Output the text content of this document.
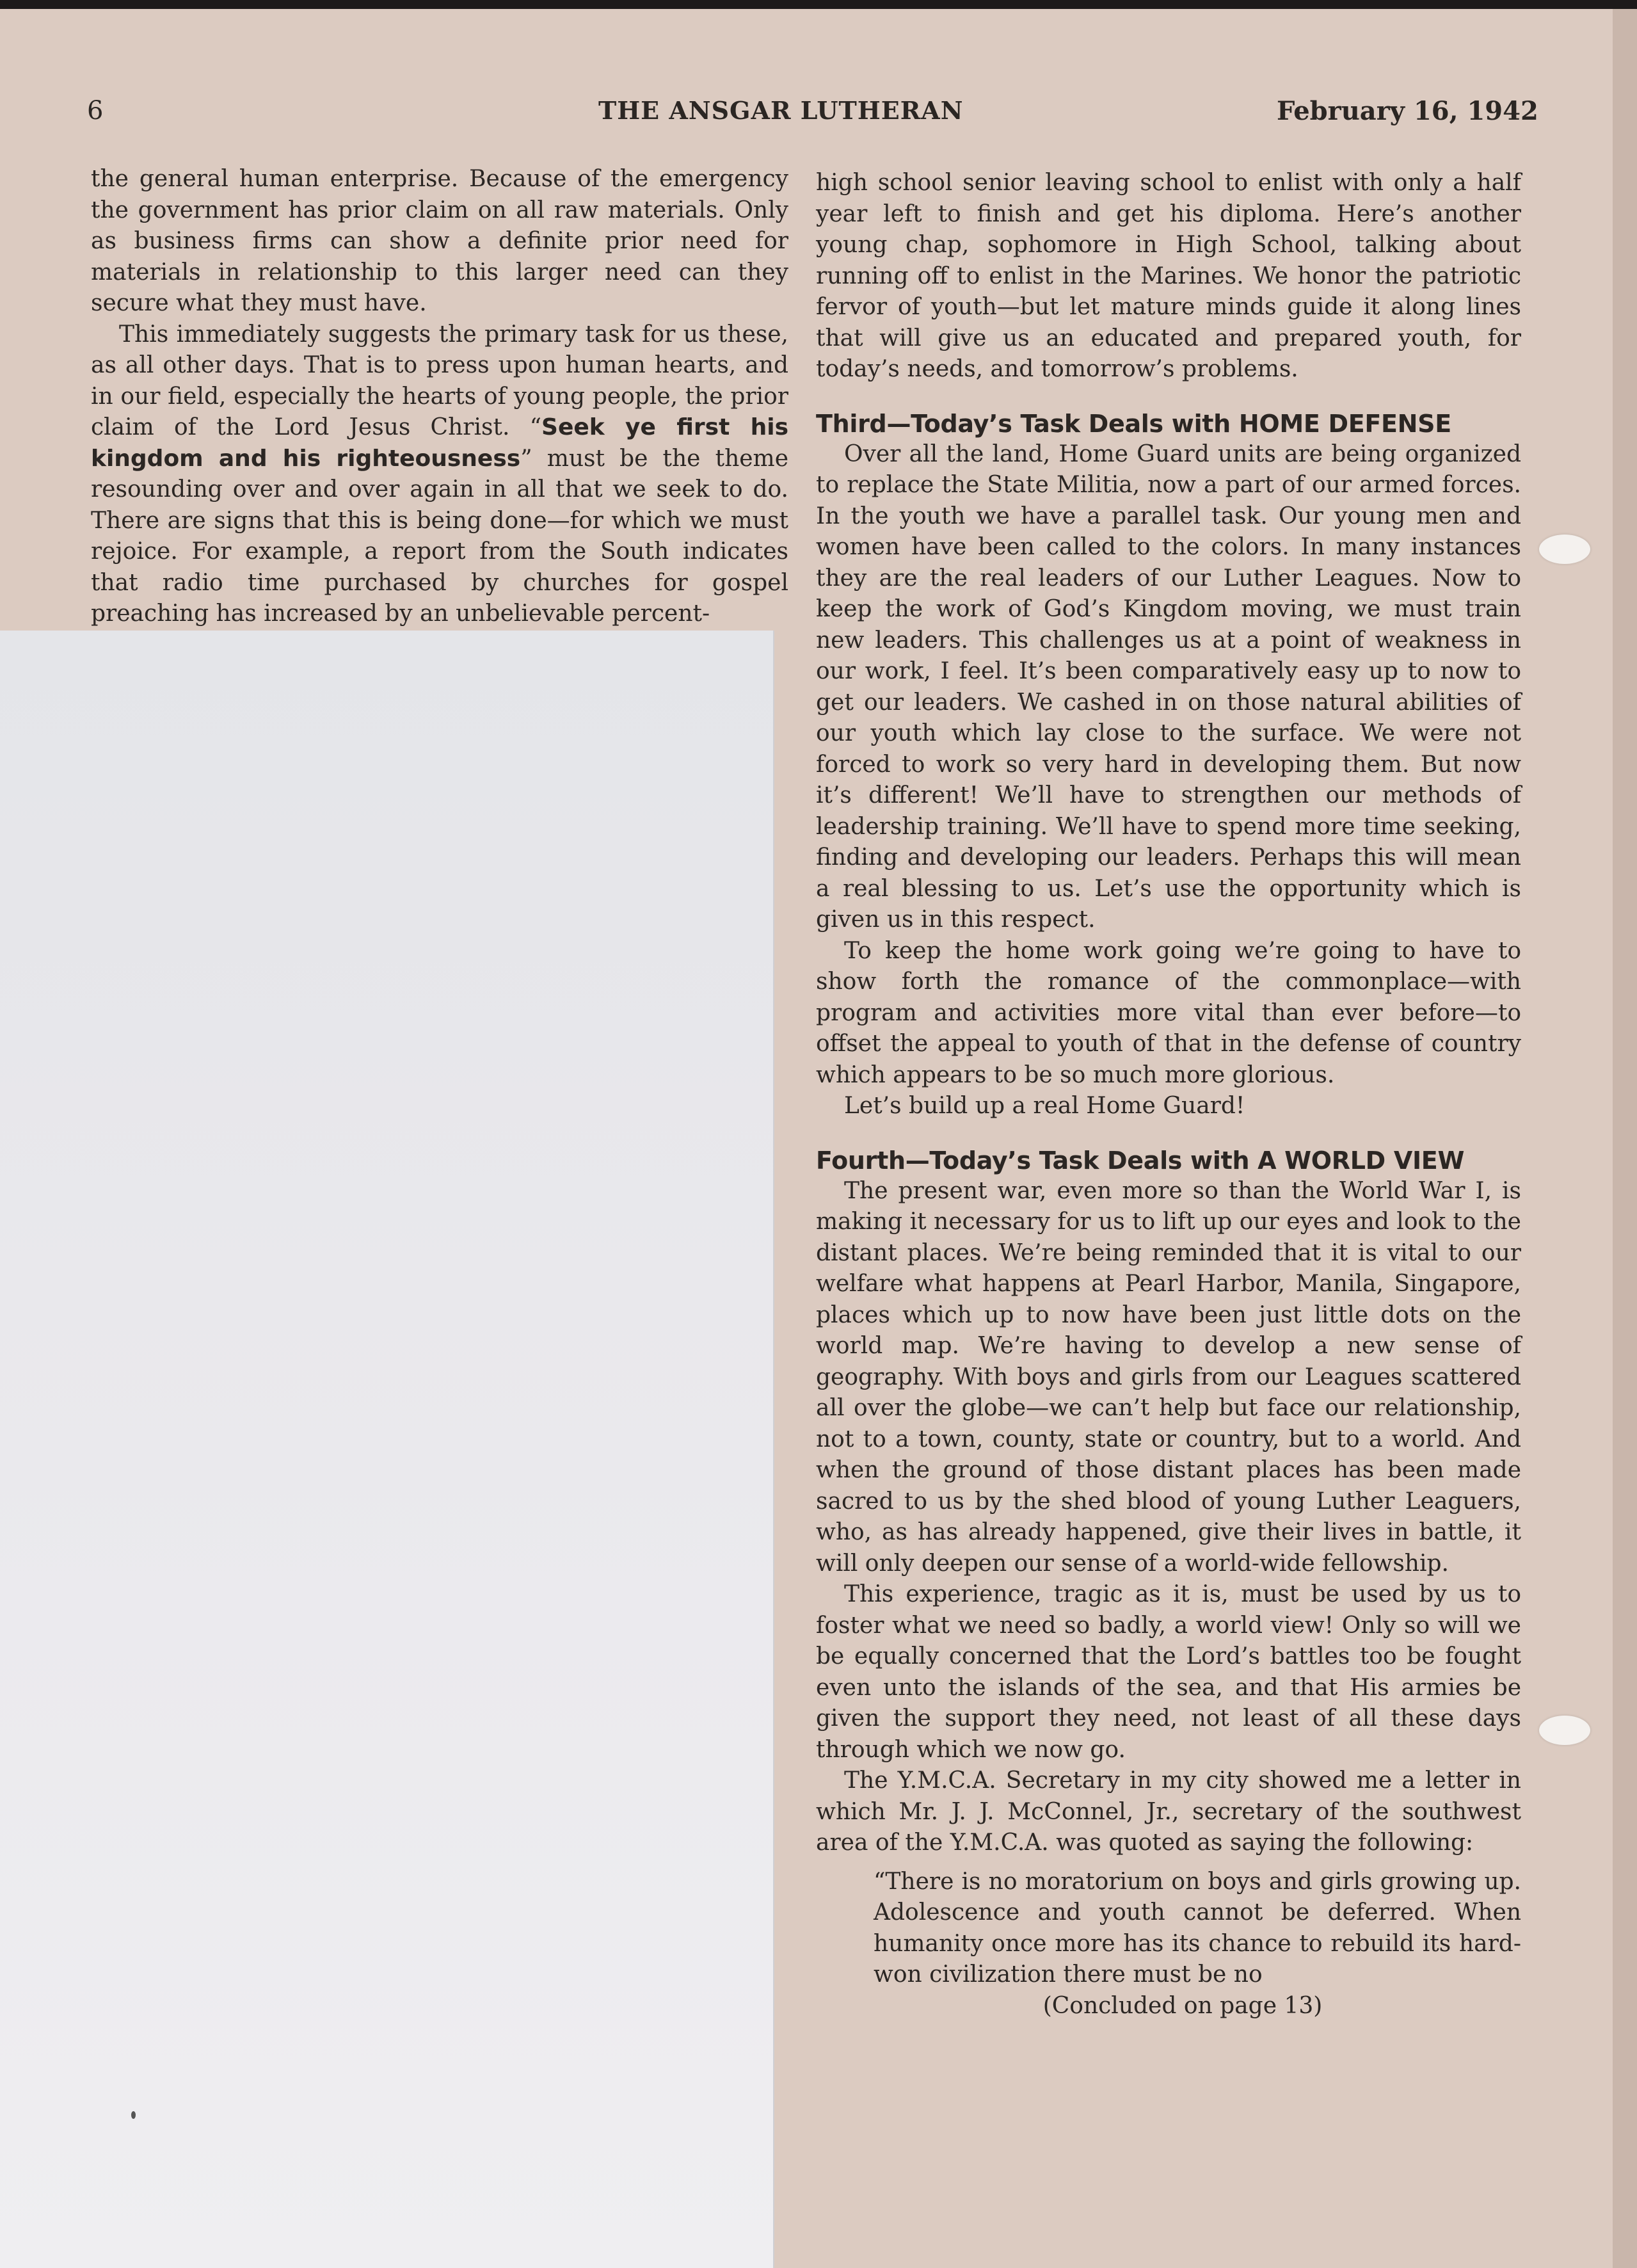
6	THE ANSGAR LUTHERAN	February 16, 1942

the general human enterprise. Because of the emergency the government has prior claim on all raw materials. Only as business firms can show a definite prior need for materials in relationship to this larger need can they secure what they must have.

This immediately suggests the primary task for us these, as all other days. That is to press upon human hearts, and in our field, especially the hearts of young people, the prior claim of the Lord Jesus Christ. “Seek ye first his kingdom and his righteousness” must be the theme resounding over and over again in all that we seek to do. There are signs that this is being done—for which we must rejoice. For example, a report from the South indicates that radio time purchased by churches for gospel preaching has increased by an unbelievable percent-

high school senior leaving school to enlist with only a half year left to finish and get his diploma. Here’s another young chap, sophomore in High School, talking about running off to enlist in the Marines. We honor the patriotic fervor of youth—but let mature minds guide it along lines that will give us an educated and prepared youth, for today’s needs, and tomorrow’s problems.

Third—Today’s Task Deals with HOME DEFENSE

Over all the land, Home Guard units are being organized to replace the State Militia, now a part of our armed forces. In the youth we have a parallel task. Our young men and women have been called to the colors. In many instances they are the real leaders of our Luther Leagues. Now to keep the work of God’s Kingdom moving, we must train new leaders. This challenges us at a point of weakness in our work, I feel. It’s been comparatively easy up to now to get our leaders. We cashed in on those natural abilities of our youth which lay close to the surface. We were not forced to work so very hard in developing them. But now it’s different! We’ll have to strengthen our methods of leadership training. We’ll have to spend more time seeking, finding and developing our leaders. Perhaps this will mean a real blessing to us. Let’s use the opportunity which is given us in this respect.

To keep the home work going we’re going to have to show forth the romance of the commonplace—with program and activities more vital than ever before—to offset the appeal to youth of that in the defense of country which appears to be so much more glorious.

Let’s build up a real Home Guard!

Fourth—Today’s Task Deals with A WORLD VIEW

The present war, even more so than the World War I, is making it necessary for us to lift up our eyes and look to the distant places. We’re being reminded that it is vital to our welfare what happens at Pearl Harbor, Manila, Singapore, places which up to now have been just little dots on the world map. We’re having to develop a new sense of geography. With boys and girls from our Leagues scattered all over the globe—we can’t help but face our relationship, not to a town, county, state or country, but to a world. And when the ground of those distant places has been made sacred to us by the shed blood of young Luther Leaguers, who, as has already happened, give their lives in battle, it will only deepen our sense of a world-wide fellowship.

This experience, tragic as it is, must be used by us to foster what we need so badly, a world view! Only so will we be equally concerned that the Lord’s battles too be fought even unto the islands of the sea, and that His armies be given the support they need, not least of all these days through which we now go.

The Y.M.C.A. Secretary in my city showed me a letter in which Mr. J. J. McConnel, Jr., secretary of the southwest area of the Y.M.C.A. was quoted as saying the following:

“There is no moratorium on boys and girls growing up. Adolescence and youth cannot be deferred. When humanity once more has its chance to rebuild its hard-won civilization there must be no

(Concluded on page 13)
